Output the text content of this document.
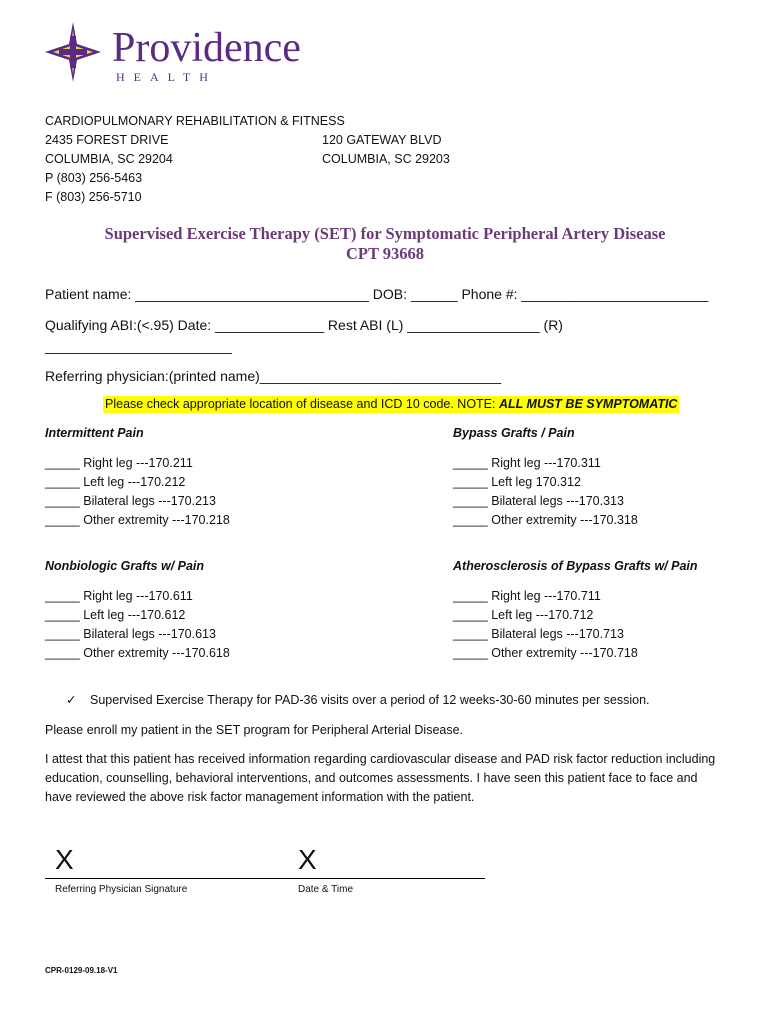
Providence
HEALTH
CARDIOPULMONARY REHABILITATION & FITNESS
2435 FOREST DRIVE
COLUMBIA, SC 29204
P (803) 256-5463
F (803) 256-5710
120 GATEWAY BLVD
COLUMBIA, SC 29203
Supervised Exercise Therapy (SET) for Symptomatic Peripheral Artery Disease
CPT 93668
Patient name: ______________________________ DOB: ______ Phone #: ________________________
Qualifying ABI:(<.95) Date: ______________ Rest ABI (L) _________________ (R)
________________________
Referring physician:(printed name)_______________________________
Please check appropriate location of disease and ICD 10 code. NOTE: ALL MUST BE SYMPTOMATIC
Intermittent Pain
_____ Right leg ---170.211
_____ Left leg ---170.212
_____ Bilateral legs ---170.213
_____ Other extremity ---170.218
Bypass Grafts / Pain
_____ Right leg ---170.311
_____ Left leg 170.312
_____ Bilateral legs ---170.313
_____ Other extremity ---170.318
Nonbiologic Grafts w/ Pain
_____ Right leg ---170.611
_____ Left leg ---170.612
_____ Bilateral legs ---170.613
_____ Other extremity ---170.618
Atherosclerosis of Bypass Grafts w/ Pain
_____ Right leg ---170.711
_____ Left leg ---170.712
_____ Bilateral legs ---170.713
_____ Other extremity ---170.718
✓ Supervised Exercise Therapy for PAD-36 visits over a period of 12 weeks-30-60 minutes per session.
Please enroll my patient in the SET program for Peripheral Arterial Disease.
I attest that this patient has received information regarding cardiovascular disease and PAD risk factor reduction including education, counselling, behavioral interventions, and outcomes assessments. I have seen this patient face to face and have reviewed the above risk factor management information with the patient.
X	X
Referring Physician Signature	Date & Time
CPR-0129-09.18-V1
